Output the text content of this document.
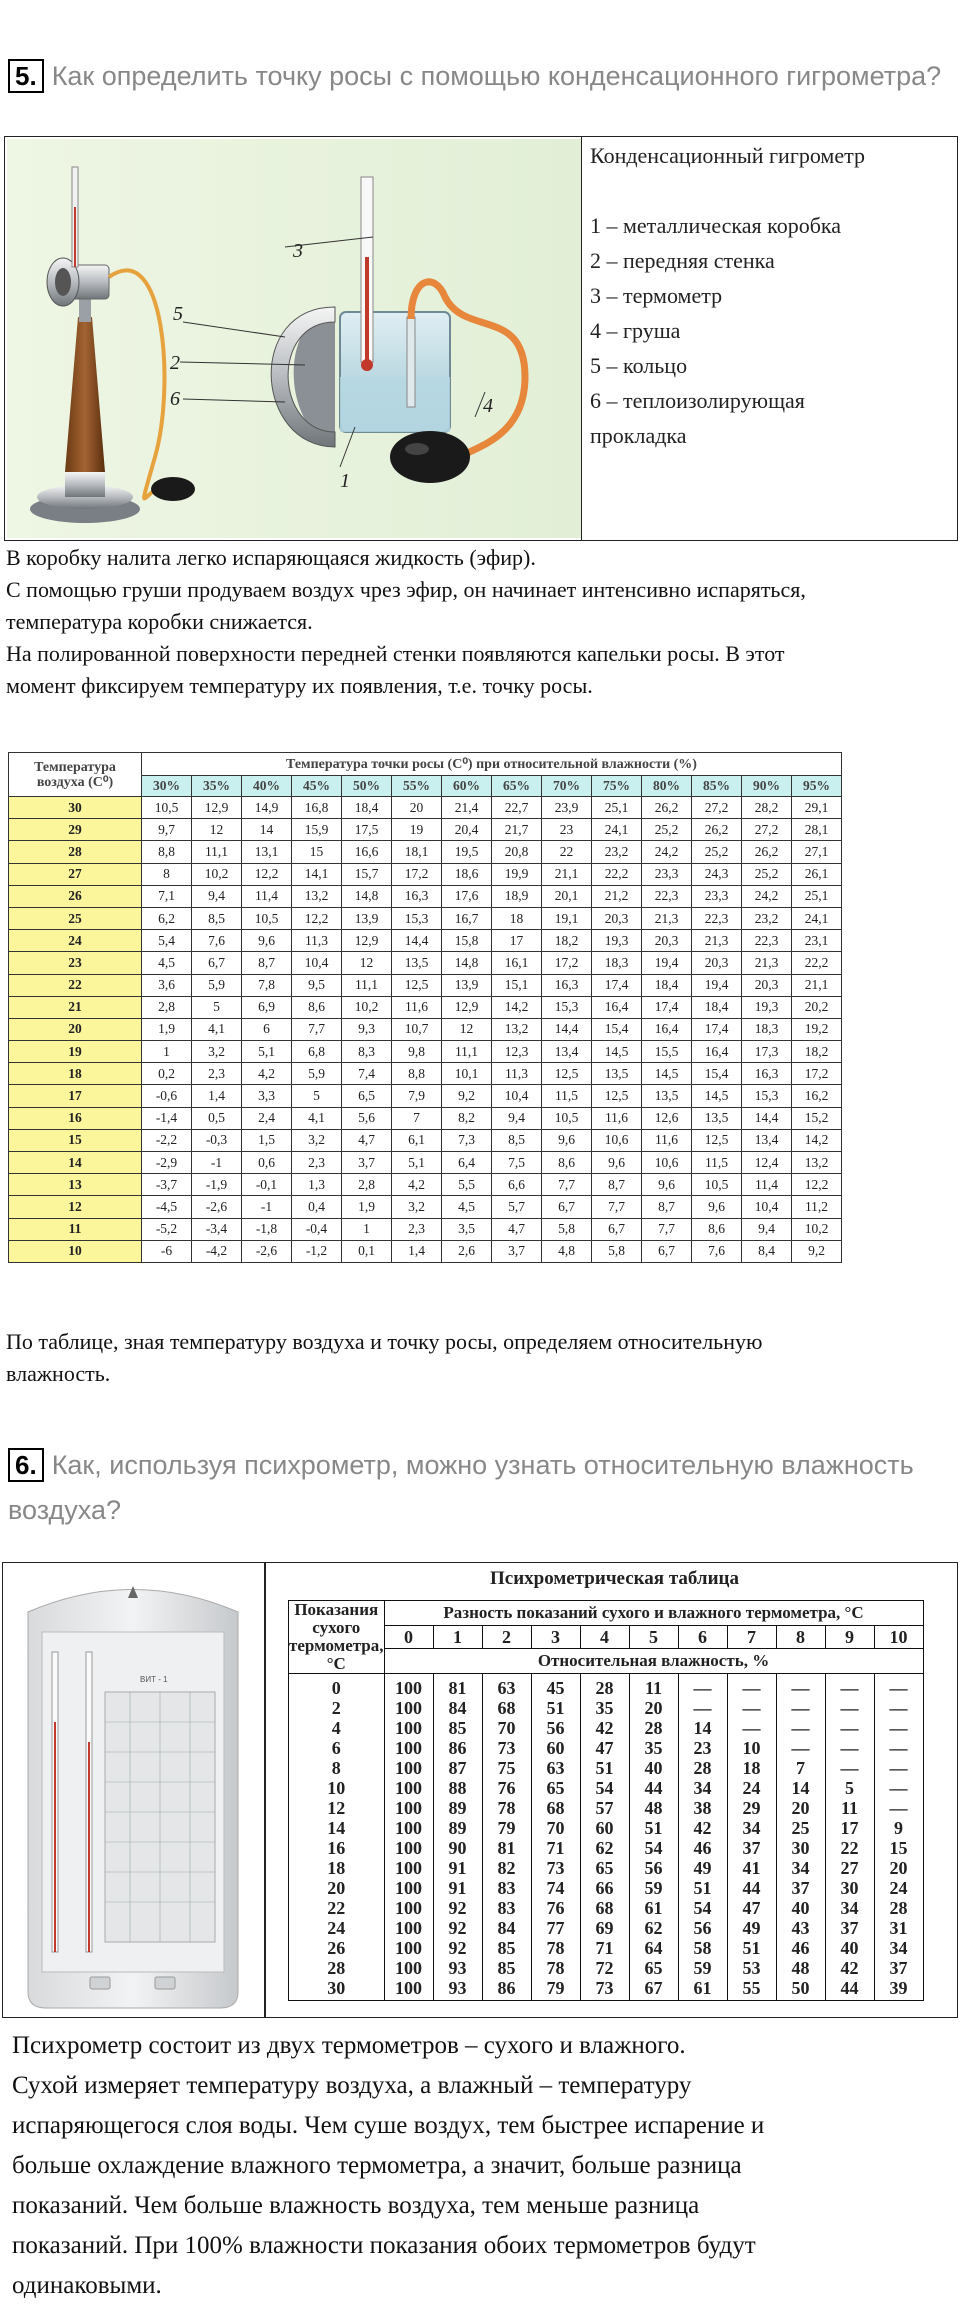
5. Как определить точку росы с помощью конденсационного гигрометра?
3
5
2
6
1
4
Конденсационный гигрометр
1 – металлическая коробка
2 – передняя стенка
3 – термометр
4 – груша
5 – кольцо
6 – теплоизолирующая
прокладка
В коробку налита легко испаряющаяся жидкость (эфир).
С помощью груши продуваем воздух чрез эфир, он начинает интенсивно испаряться,
температура коробки снижается.
На полированной поверхности передней стенки появляются капельки росы. В этот
момент фиксируем температуру их появления, т.е. точку росы.
Температура воздуха (С⁰)	Температура точки росы (С⁰) при относительной влажности (%)													
	30%	35%	40%	45%	50%	55%	60%	65%	70%	75%	80%	85%	90%	95%
30	10,5	12,9	14,9	16,8	18,4	20	21,4	22,7	23,9	25,1	26,2	27,2	28,2	29,1
29	9,7	12	14	15,9	17,5	19	20,4	21,7	23	24,1	25,2	26,2	27,2	28,1
28	8,8	11,1	13,1	15	16,6	18,1	19,5	20,8	22	23,2	24,2	25,2	26,2	27,1
27	8	10,2	12,2	14,1	15,7	17,2	18,6	19,9	21,1	22,2	23,3	24,3	25,2	26,1
26	7,1	9,4	11,4	13,2	14,8	16,3	17,6	18,9	20,1	21,2	22,3	23,3	24,2	25,1
25	6,2	8,5	10,5	12,2	13,9	15,3	16,7	18	19,1	20,3	21,3	22,3	23,2	24,1
24	5,4	7,6	9,6	11,3	12,9	14,4	15,8	17	18,2	19,3	20,3	21,3	22,3	23,1
23	4,5	6,7	8,7	10,4	12	13,5	14,8	16,1	17,2	18,3	19,4	20,3	21,3	22,2
22	3,6	5,9	7,8	9,5	11,1	12,5	13,9	15,1	16,3	17,4	18,4	19,4	20,3	21,1
21	2,8	5	6,9	8,6	10,2	11,6	12,9	14,2	15,3	16,4	17,4	18,4	19,3	20,2
20	1,9	4,1	6	7,7	9,3	10,7	12	13,2	14,4	15,4	16,4	17,4	18,3	19,2
19	1	3,2	5,1	6,8	8,3	9,8	11,1	12,3	13,4	14,5	15,5	16,4	17,3	18,2
18	0,2	2,3	4,2	5,9	7,4	8,8	10,1	11,3	12,5	13,5	14,5	15,4	16,3	17,2
17	-0,6	1,4	3,3	5	6,5	7,9	9,2	10,4	11,5	12,5	13,5	14,5	15,3	16,2
16	-1,4	0,5	2,4	4,1	5,6	7	8,2	9,4	10,5	11,6	12,6	13,5	14,4	15,2
15	-2,2	-0,3	1,5	3,2	4,7	6,1	7,3	8,5	9,6	10,6	11,6	12,5	13,4	14,2
14	-2,9	-1	0,6	2,3	3,7	5,1	6,4	7,5	8,6	9,6	10,6	11,5	12,4	13,2
13	-3,7	-1,9	-0,1	1,3	2,8	4,2	5,5	6,6	7,7	8,7	9,6	10,5	11,4	12,2
12	-4,5	-2,6	-1	0,4	1,9	3,2	4,5	5,7	6,7	7,7	8,7	9,6	10,4	11,2
11	-5,2	-3,4	-1,8	-0,4	1	2,3	3,5	4,7	5,8	6,7	7,7	8,6	9,4	10,2
10	-6	-4,2	-2,6	-1,2	0,1	1,4	2,6	3,7	4,8	5,8	6,7	7,6	8,4	9,2
По таблице, зная температуру воздуха и точку росы, определяем относительную
влажность.
6. Как, используя психрометр, можно узнать относительную влажность
воздуха?
ВИТ - 1
Психрометрическая таблица
Показания
сухого
термометра,
°C	Разность показаний сухого и влажного термометра, °C										
	0	1	2	3	4	5	6	7	8	9	10
	Относительная влажность, %										
0	100	81	63	45	28	11	—	—	—	—	—
2	100	84	68	51	35	20	—	—	—	—	—
4	100	85	70	56	42	28	14	—	—	—	—
6	100	86	73	60	47	35	23	10	—	—	—
8	100	87	75	63	51	40	28	18	7	—	—
10	100	88	76	65	54	44	34	24	14	5	—
12	100	89	78	68	57	48	38	29	20	11	—
14	100	89	79	70	60	51	42	34	25	17	9
16	100	90	81	71	62	54	46	37	30	22	15
18	100	91	82	73	65	56	49	41	34	27	20
20	100	91	83	74	66	59	51	44	37	30	24
22	100	92	83	76	68	61	54	47	40	34	28
24	100	92	84	77	69	62	56	49	43	37	31
26	100	92	85	78	71	64	58	51	46	40	34
28	100	93	85	78	72	65	59	53	48	42	37
30	100	93	86	79	73	67	61	55	50	44	39
Психрометр состоит из двух термометров – сухого и влажного.
Сухой измеряет температуру воздуха, а влажный – температуру
испаряющегося слоя воды. Чем суше воздух, тем быстрее испарение и
больше охлаждение влажного термометра, а значит, больше разница
показаний. Чем больше влажность воздуха, тем меньше разница
показаний. При 100% влажности показания обоих термометров будут
одинаковыми.
